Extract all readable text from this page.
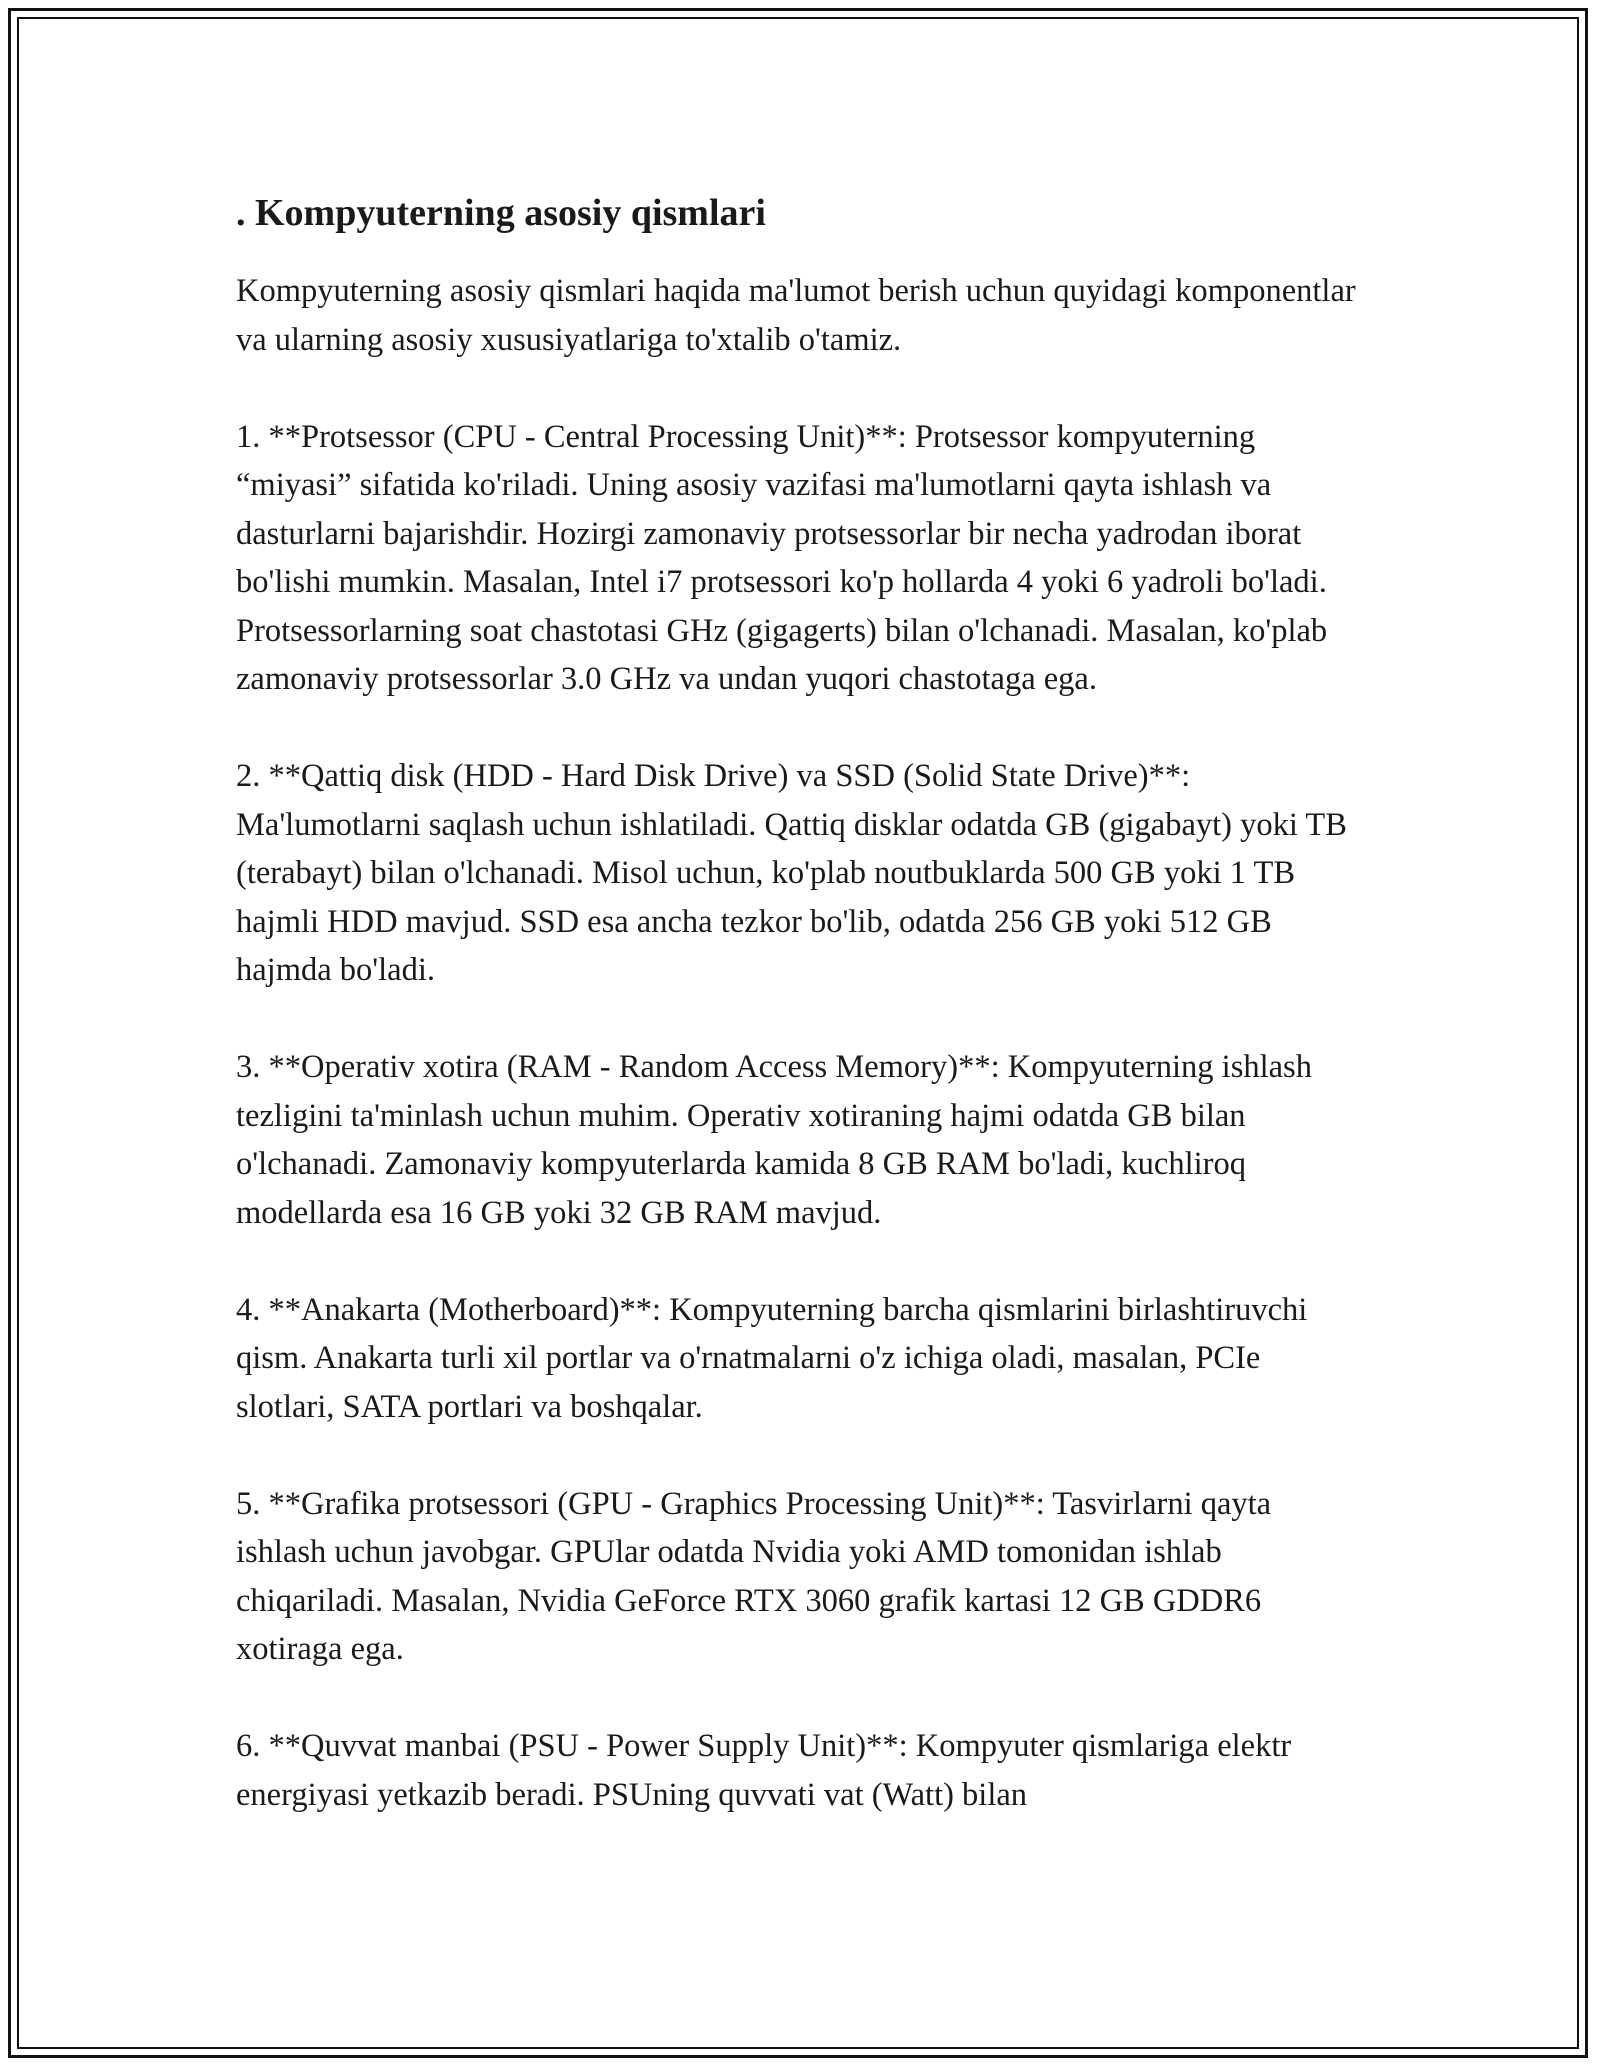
. Kompyuterning asosiy qismlari

Kompyuterning asosiy qismlari haqida ma'lumot berish uchun quyidagi komponentlar va ularning asosiy xususiyatlariga to'xtalib o'tamiz.

1. **Protsessor (CPU - Central Processing Unit)**: Protsessor kompyuterning “miyasi” sifatida ko'riladi. Uning asosiy vazifasi ma'lumotlarni qayta ishlash va dasturlarni bajarishdir. Hozirgi zamonaviy protsessorlar bir necha yadrodan iborat bo'lishi mumkin. Masalan, Intel i7 protsessori ko'p hollarda 4 yoki 6 yadroli bo'ladi. Protsessorlarning soat chastotasi GHz (gigagerts) bilan o'lchanadi. Masalan, ko'plab zamonaviy protsessorlar 3.0 GHz va undan yuqori chastotaga ega.

2. **Qattiq disk (HDD - Hard Disk Drive) va SSD (Solid State Drive)**: Ma'lumotlarni saqlash uchun ishlatiladi. Qattiq disklar odatda GB (gigabayt) yoki TB (terabayt) bilan o'lchanadi. Misol uchun, ko'plab noutbuklarda 500 GB yoki 1 TB hajmli HDD mavjud. SSD esa ancha tezkor bo'lib, odatda 256 GB yoki 512 GB hajmda bo'ladi.

3. **Operativ xotira (RAM - Random Access Memory)**: Kompyuterning ishlash tezligini ta'minlash uchun muhim. Operativ xotiraning hajmi odatda GB bilan o'lchanadi. Zamonaviy kompyuterlarda kamida 8 GB RAM bo'ladi, kuchliroq modellarda esa 16 GB yoki 32 GB RAM mavjud.

4. **Anakarta (Motherboard)**: Kompyuterning barcha qismlarini birlashtiruvchi qism. Anakarta turli xil portlar va o'rnatmalarni o'z ichiga oladi, masalan, PCIe slotlari, SATA portlari va boshqalar.

5. **Grafika protsessori (GPU - Graphics Processing Unit)**: Tasvirlarni qayta ishlash uchun javobgar. GPUlar odatda Nvidia yoki AMD tomonidan ishlab chiqariladi. Masalan, Nvidia GeForce RTX 3060 grafik kartasi 12 GB GDDR6 xotiraga ega.

6. **Quvvat manbai (PSU - Power Supply Unit)**: Kompyuter qismlariga elektr energiyasi yetkazib beradi. PSUning quvvati vat (Watt) bilan
